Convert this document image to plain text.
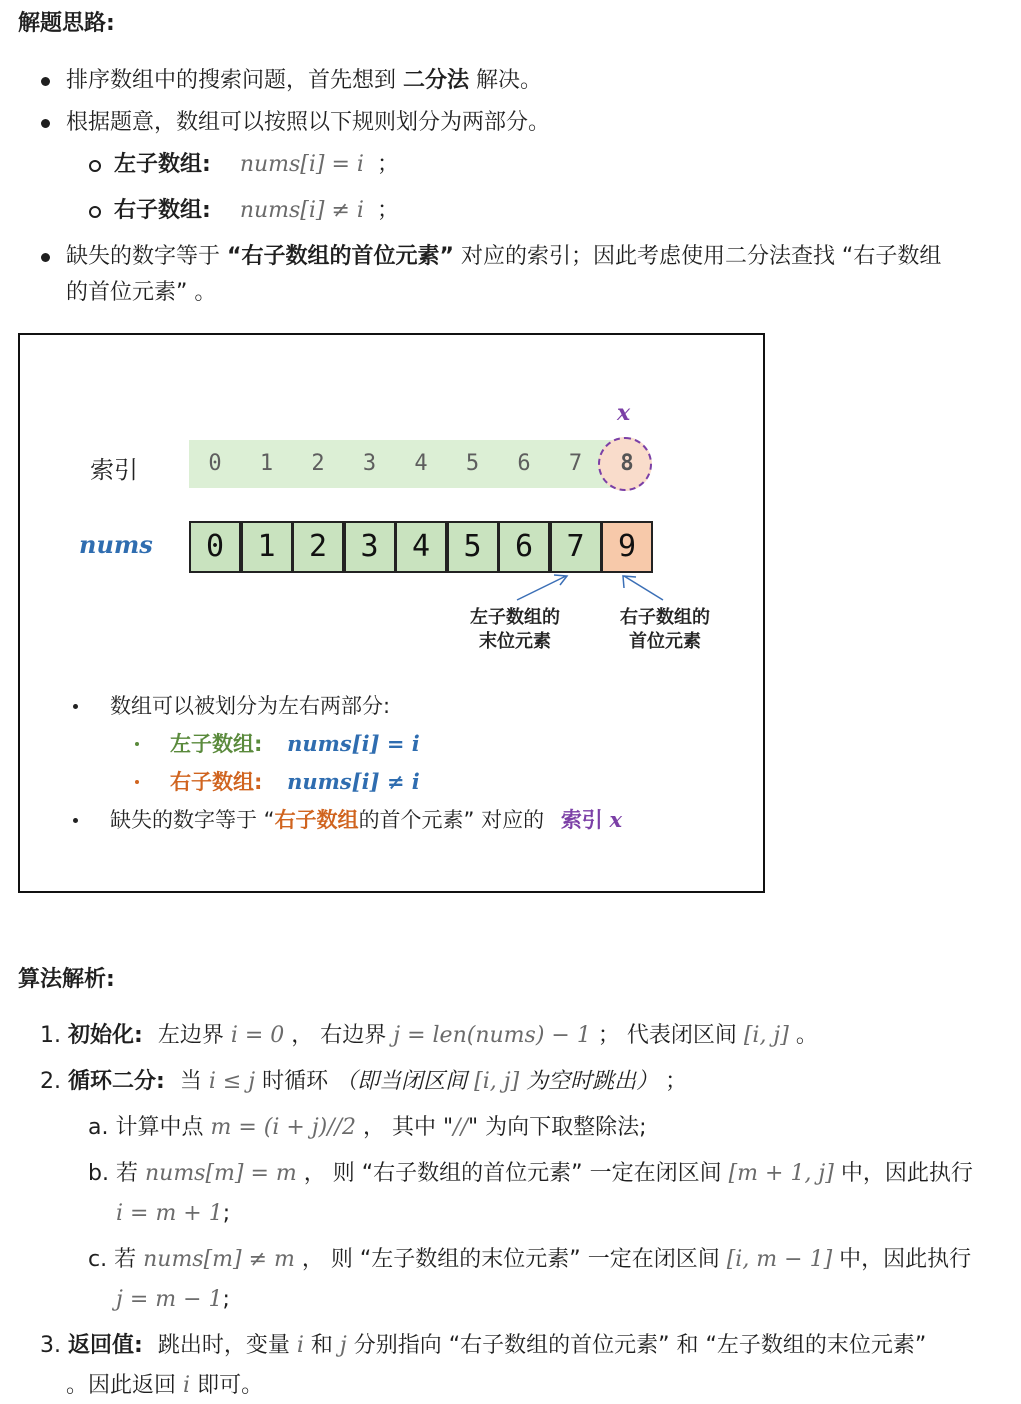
解题思路:
排序数组中的搜索问题，首先想到 二分法 解决。
根据题意，数组可以按照以下规则划分为两部分。
左子数组: nums[i] = i ；
右子数组: nums[i] ≠ i ；
缺失的数字等于 “右子数组的首位元素” 对应的索引；因此考虑使用二分法查找 “右子数组
的首位元素” 。
x
索引	0	1	2	3	4	5	6	7	8
nums	0	1	2	3	4	5	6	7	9
左子数组的
末位元素
右子数组的
首位元素
数组可以被划分为左右两部分:
左子数组: nums[i] = i
右子数组: nums[i] ≠ i
缺失的数字等于 “右子数组的首个元素” 对应的 索引 x
算法解析:
1. 初始化: 左边界 i = 0 ， 右边界 j = len(nums) − 1 ； 代表闭区间 [i, j] 。
2. 循环二分: 当 i ≤ j 时循环 （即当闭区间 [i, j] 为空时跳出） ；
a. 计算中点 m = (i + j)//2 ， 其中 "//" 为向下取整除法;
b. 若 nums[m] = m ， 则 “右子数组的首位元素” 一定在闭区间 [m + 1, j] 中，因此执行
i = m + 1;
c. 若 nums[m] ≠ m ， 则 “左子数组的末位元素” 一定在闭区间 [i, m − 1] 中，因此执行
j = m − 1;
3. 返回值: 跳出时，变量 i 和 j 分别指向 “右子数组的首位元素” 和 “左子数组的末位元素”
。因此返回 i 即可。
